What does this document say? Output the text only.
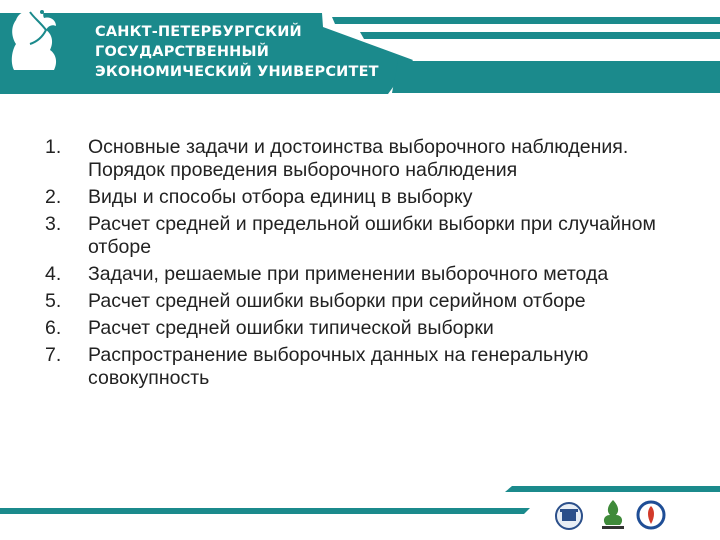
САНКТ-ПЕТЕРБУРГСКИЙ
ГОСУДАРСТВЕННЫЙ
ЭКОНОМИЧЕСКИЙ УНИВЕРСИТЕТ
1. Основные задачи и достоинства выборочного наблюдения. Порядок проведения выборочного наблюдения
2. Виды и способы отбора единиц в выборку
3. Расчет средней и предельной ошибки выборки при случайном отборе
4. Задачи, решаемые при применении выборочного метода
5. Расчет средней ошибки выборки при серийном отборе
6. Расчет средней ошибки типической выборки
7. Распространение выборочных данных на генеральную совокупность
